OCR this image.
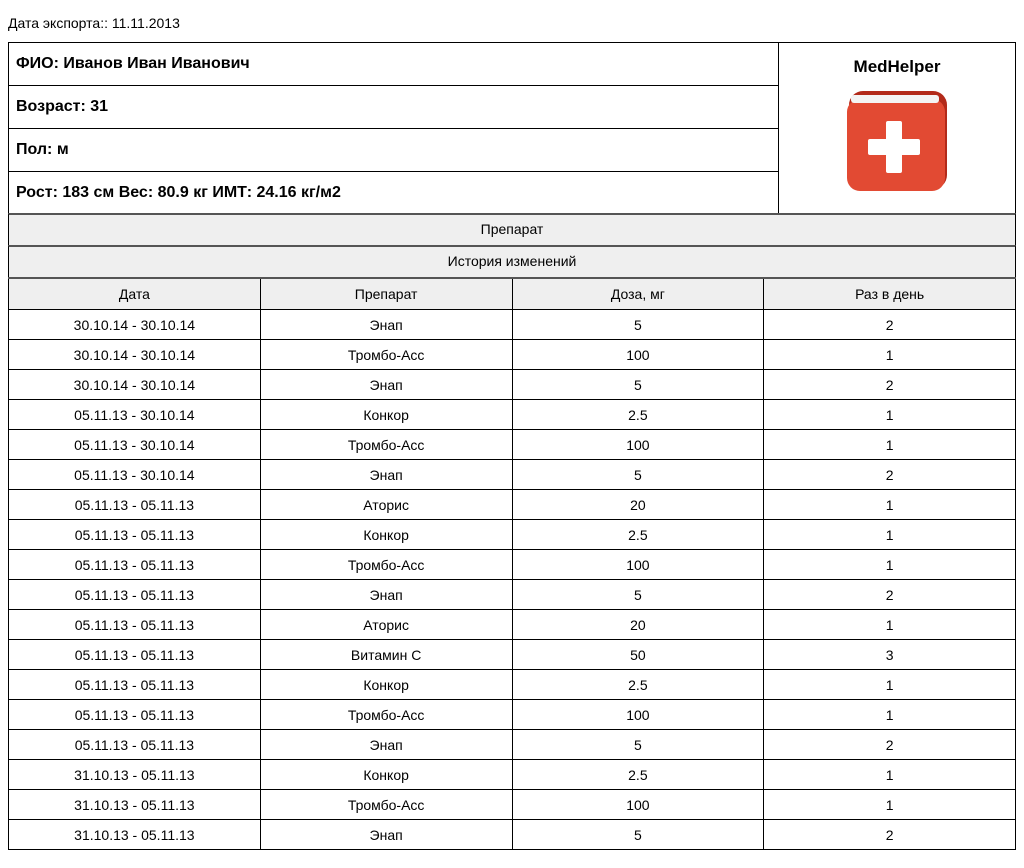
Дата экспорта:: 11.11.2013
ФИО: Иванов Иван Иванович	MedHelper

Возраст: 31
Пол: м
Рост: 183 см Вес: 80.9 кг ИМТ: 24.16 кг/м2
Препарат
История изменений
Дата	Препарат	Доза, мг	Раз в день
30.10.14 - 30.10.14	Энап	5	2
30.10.14 - 30.10.14	Тромбо-Асс	100	1
30.10.14 - 30.10.14	Энап	5	2
05.11.13 - 30.10.14	Конкор	2.5	1
05.11.13 - 30.10.14	Тромбо-Асс	100	1
05.11.13 - 30.10.14	Энап	5	2
05.11.13 - 05.11.13	Аторис	20	1
05.11.13 - 05.11.13	Конкор	2.5	1
05.11.13 - 05.11.13	Тромбо-Асс	100	1
05.11.13 - 05.11.13	Энап	5	2
05.11.13 - 05.11.13	Аторис	20	1
05.11.13 - 05.11.13	Витамин С	50	3
05.11.13 - 05.11.13	Конкор	2.5	1
05.11.13 - 05.11.13	Тромбо-Асс	100	1
05.11.13 - 05.11.13	Энап	5	2
31.10.13 - 05.11.13	Конкор	2.5	1
31.10.13 - 05.11.13	Тромбо-Асс	100	1
31.10.13 - 05.11.13	Энап	5	2
